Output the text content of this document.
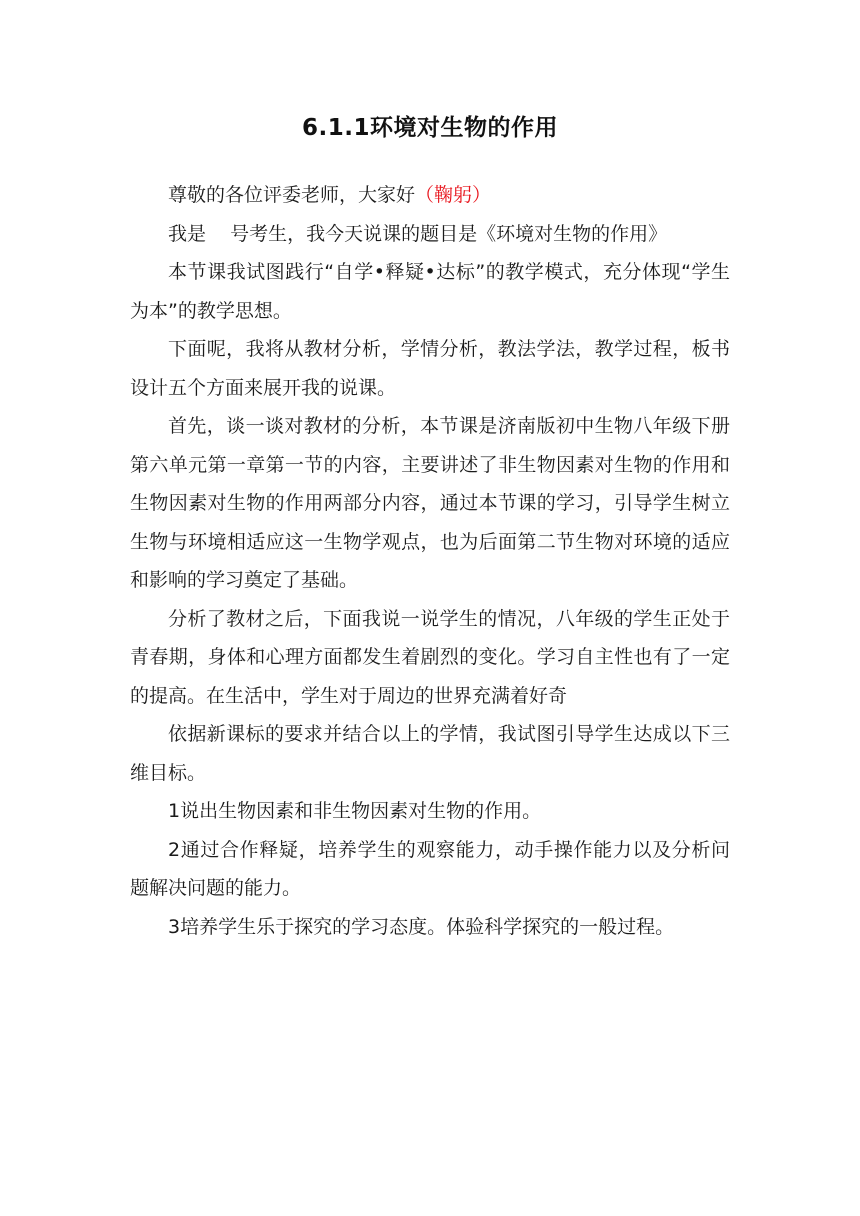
6.1.1环境对生物的作用

尊敬的各位评委老师，大家好（鞠躬）

我是    号考生，我今天说课的题目是《环境对生物的作用》

本节课我试图践行“自学•释疑•达标”的教学模式，充分体现“学生为本”的教学思想。

下面呢，我将从教材分析，学情分析，教法学法，教学过程，板书设计五个方面来展开我的说课。

首先，谈一谈对教材的分析，本节课是济南版初中生物八年级下册第六单元第一章第一节的内容，主要讲述了非生物因素对生物的作用和生物因素对生物的作用两部分内容，通过本节课的学习，引导学生树立生物与环境相适应这一生物学观点，也为后面第二节生物对环境的适应和影响的学习奠定了基础。

分析了教材之后，下面我说一说学生的情况，八年级的学生正处于青春期，身体和心理方面都发生着剧烈的变化。学习自主性也有了一定的提高。在生活中，学生对于周边的世界充满着好奇

依据新课标的要求并结合以上的学情，我试图引导学生达成以下三维目标。

1说出生物因素和非生物因素对生物的作用。

2通过合作释疑，培养学生的观察能力，动手操作能力以及分析问题解决问题的能力。

3培养学生乐于探究的学习态度。体验科学探究的一般过程。
